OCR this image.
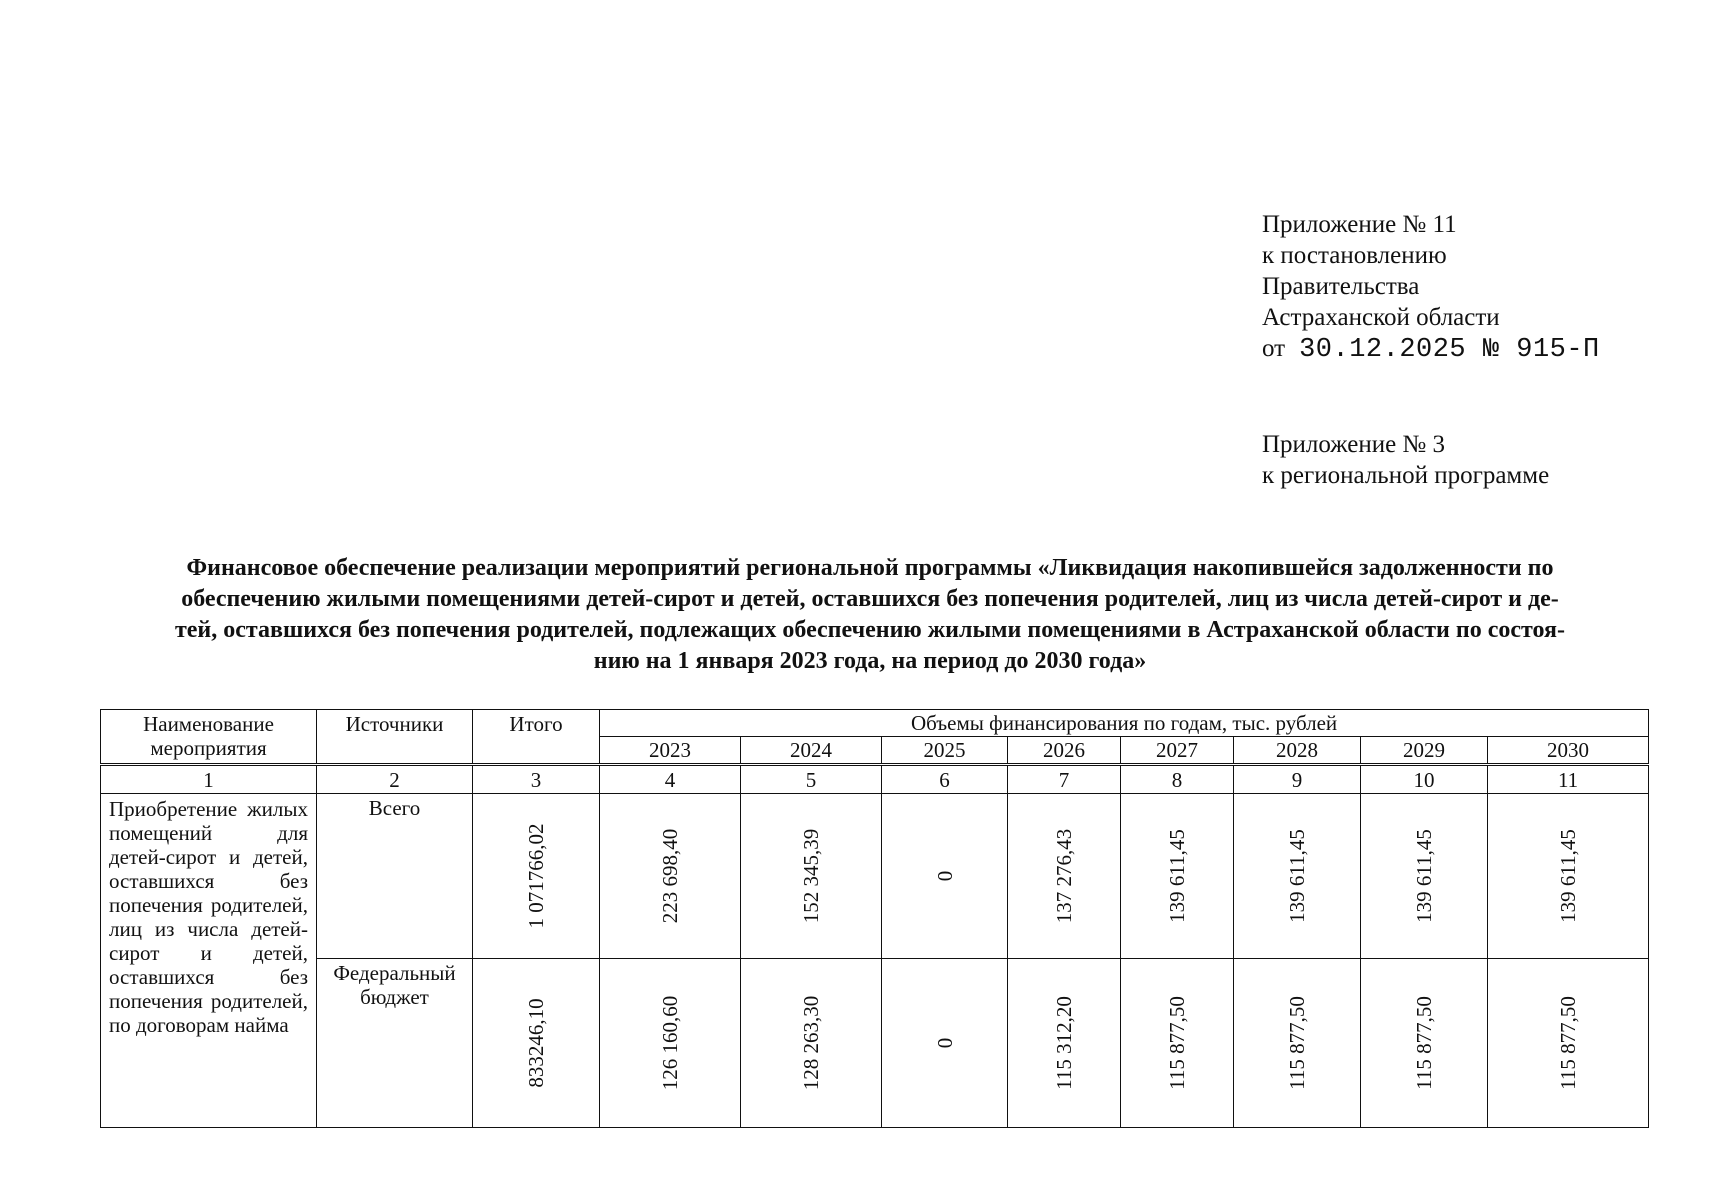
Приложение № 11
к постановлению
Правительства
Астраханской области
от 30.12.2025 № 915-П
Приложение № 3
к региональной программе
Финансовое обеспечение реализации мероприятий региональной программы «Ликвидация накопившейся задолженности по
обеспечению жилыми помещениями детей-сирот и детей, оставшихся без попечения родителей, лиц из числа детей-сирот и де-
тей, оставшихся без попечения родителей, подлежащих обеспечению жилыми помещениями в Астраханской области по состоя-
нию на 1 января 2023 года, на период до 2030 года»
Наименование мероприятия	Источники	Итого	Объемы финансирования по годам, тыс. рублей							
			2023	2024	2025	2026	2027	2028	2029	2030
1	2	3	4	5	6	7	8	9	10	11
Приобретение жилых помещений для детей-сирот и детей, оставшихся без попечения родителей, лиц из числа детей-сирот и детей, оставшихся без попечения родителей, по договорам найма	Всего	1 071766,02	223 698,40	152 345,39	0	137 276,43	139 611,45	139 611,45	139 611,45	139 611,45

	Федеральный бюджет	833246,10	126 160,60	128 263,30	0	115 312,20	115 877,50	115 877,50	115 877,50	115 877,50
